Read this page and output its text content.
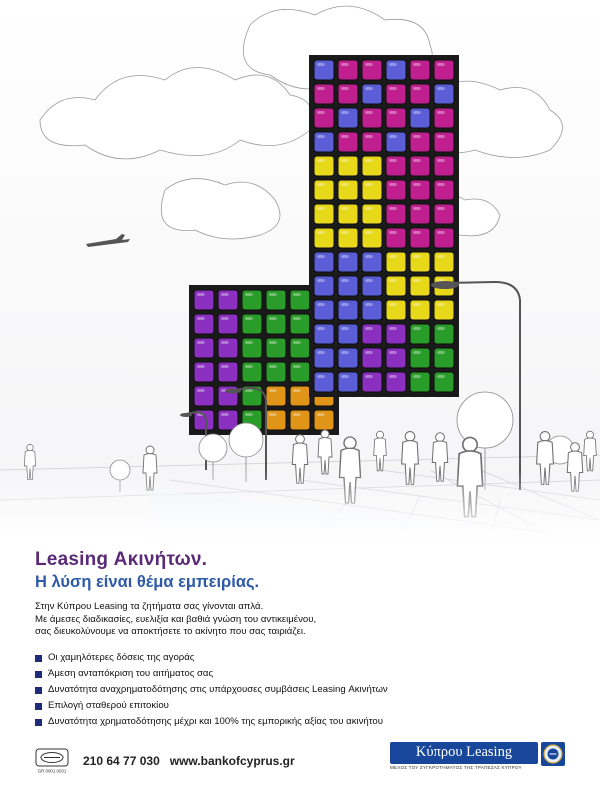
Leasing Ακινήτων.
Η λύση είναι θέμα εμπειρίας.
Στην Κύπρου Leasing τα ζητήματα σας γίνονται απλά.
Με άμεσες διαδικασίες, ευελιξία και βαθιά γνώση του αντικειμένου,
σας διευκολύνουμε να αποκτήσετε το ακίνητο που σας ταιριάζει.
Οι χαμηλότερες δόσεις της αγοράς
Άμεση ανταπόκριση του αιτήματος σας
Δυνατότητα αναχρηματοδότησης στις υπάρχουσες συμβάσεις Leasing Ακινήτων
Επιλογή σταθερού επιτοκίου
Δυνατότητα χρηματοδότησης μέχρι και 100% της εμπορικής αξίας του ακινήτου
GR 0001 0031
210 64 77 030 www.bankofcyprus.gr
Κύπρου Leasing
ΜΕΛΟΣ ΤΟΥ ΣΥΓΚΡΟΤΗΜΑΤΟΣ ΤΗΣ ΤΡΑΠΕΖΑΣ ΚΥΠΡΟΥ
